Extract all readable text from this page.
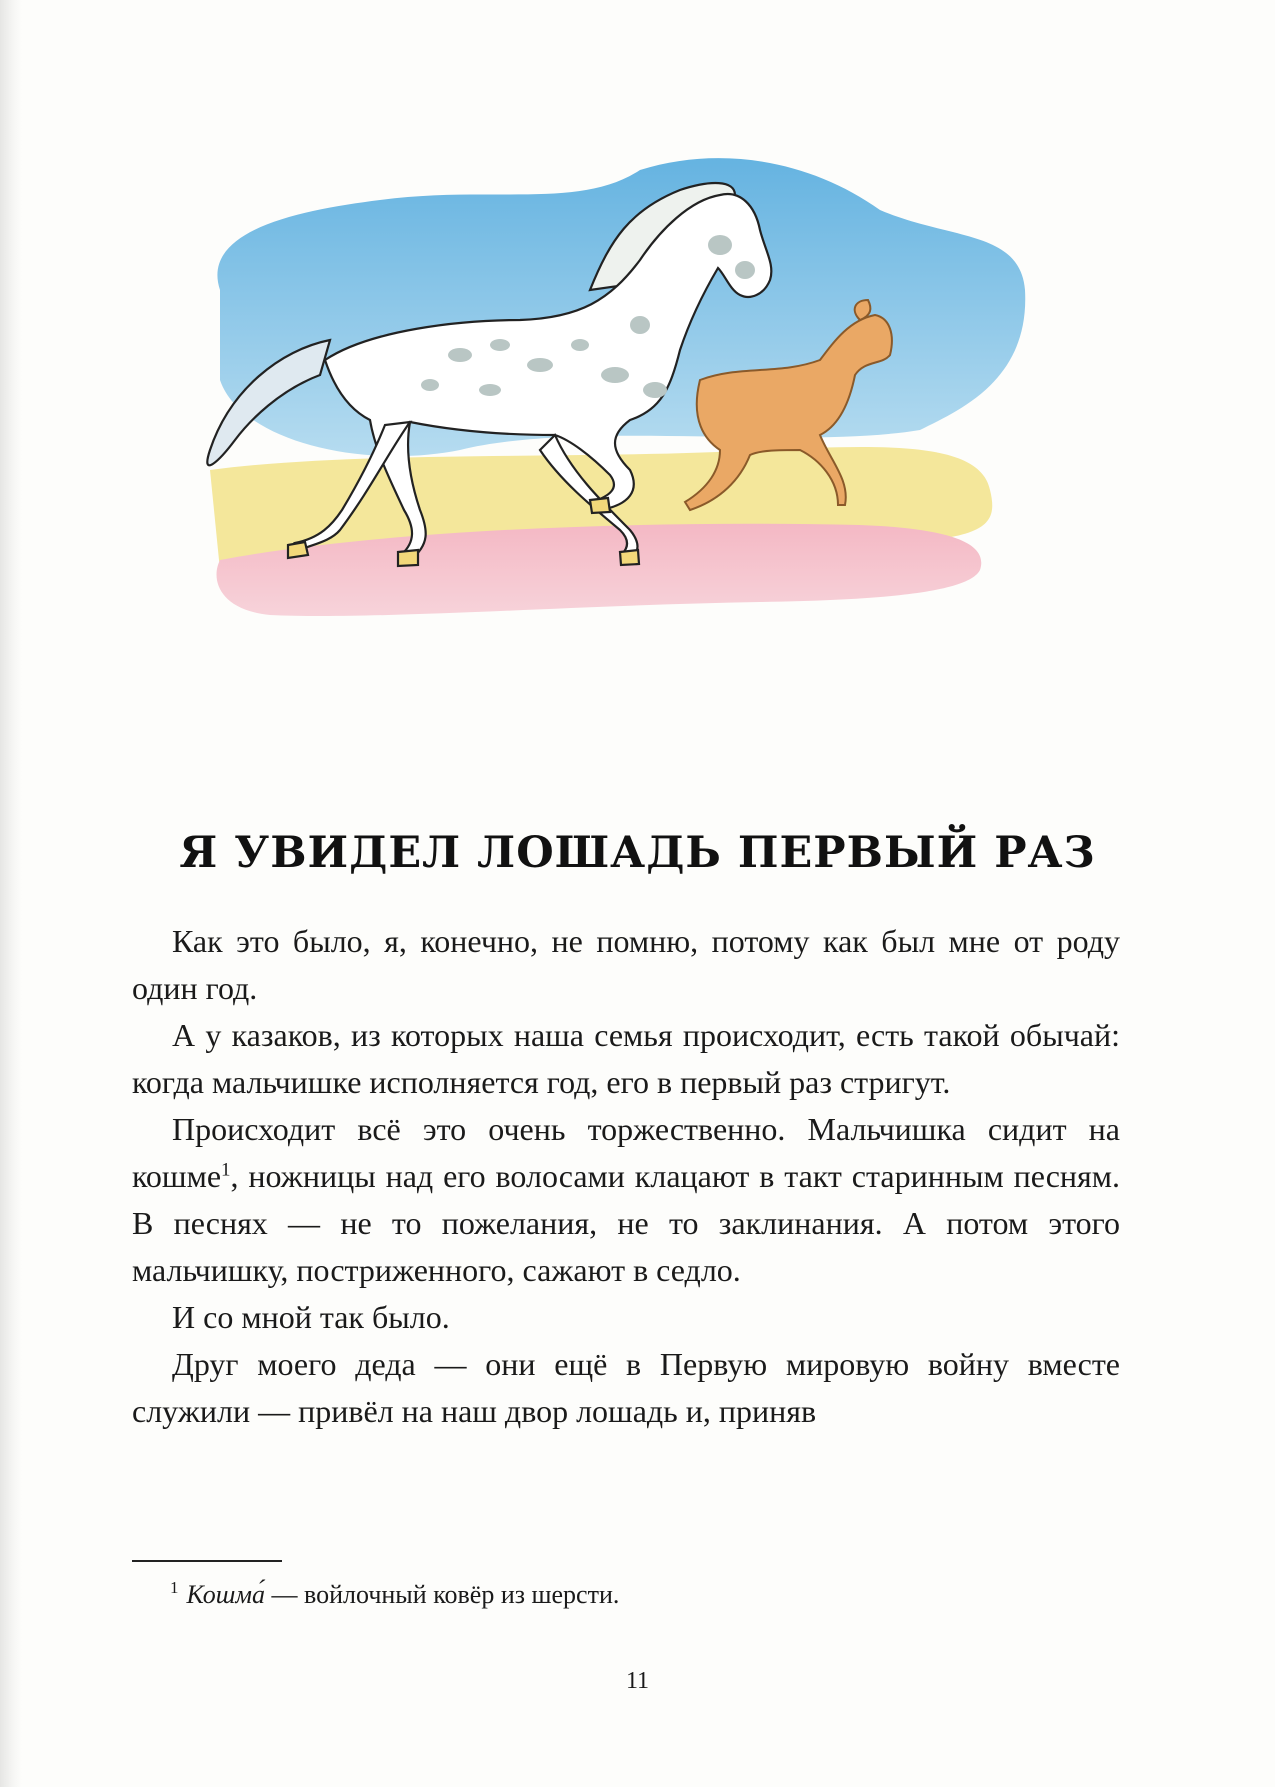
Я УВИДЕЛ ЛОШАДЬ ПЕРВЫЙ РАЗ

Как это было, я, конечно, не помню, потому как был мне от роду один год.

А у казаков, из которых наша семья происходит, есть такой обычай: когда мальчишке исполняется год, его в первый раз стригут.

Происходит всё это очень торжественно. Мальчишка сидит на кошме$^1$, ножницы над его волосами клацают в такт старинным песням. В песнях — не то пожелания, не то заклинания. А потом этого мальчишку, постриженного, сажают в седло.

И со мной так было.

Друг моего деда — они ещё в Первую мировую войну вместе служили — привёл на наш двор лошадь и, приняв

$^1$ Кошма́ — войлочный ковёр из шерсти.
11
